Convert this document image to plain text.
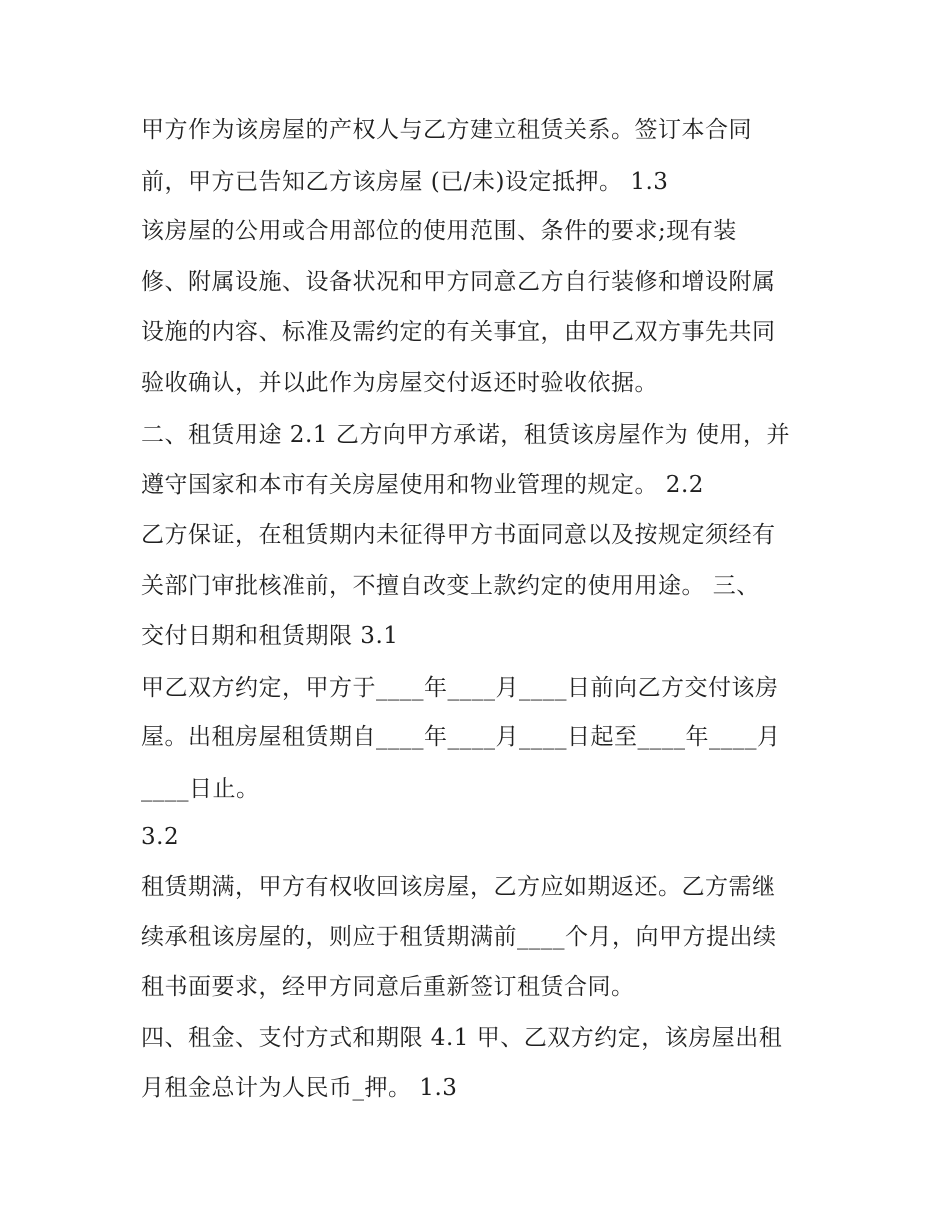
甲方作为该房屋的产权人与乙方建立租赁关系。签订本合同
前，甲方已告知乙方该房屋 (已/未)设定抵押。 1.3
该房屋的公用或合用部位的使用范围、条件的要求;现有装
修、附属设施、设备状况和甲方同意乙方自行装修和增设附属
设施的内容、标准及需约定的有关事宜，由甲乙双方事先共同
验收确认，并以此作为房屋交付返还时验收依据。
二、租赁用途 2.1 乙方向甲方承诺，租赁该房屋作为 使用，并
遵守国家和本市有关房屋使用和物业管理的规定。 2.2
乙方保证，在租赁期内未征得甲方书面同意以及按规定须经有
关部门审批核准前，不擅自改变上款约定的使用用途。 三、
交付日期和租赁期限 3.1
甲乙双方约定，甲方于____年____月____日前向乙方交付该房
屋。出租房屋租赁期自____年____月____日起至____年____月
____日止。
3.2
租赁期满，甲方有权收回该房屋，乙方应如期返还。乙方需继
续承租该房屋的，则应于租赁期满前____个月，向甲方提出续
租书面要求，经甲方同意后重新签订租赁合同。
四、租金、支付方式和期限 4.1 甲、乙双方约定，该房屋出租
月租金总计为人民币_押。 1.3
